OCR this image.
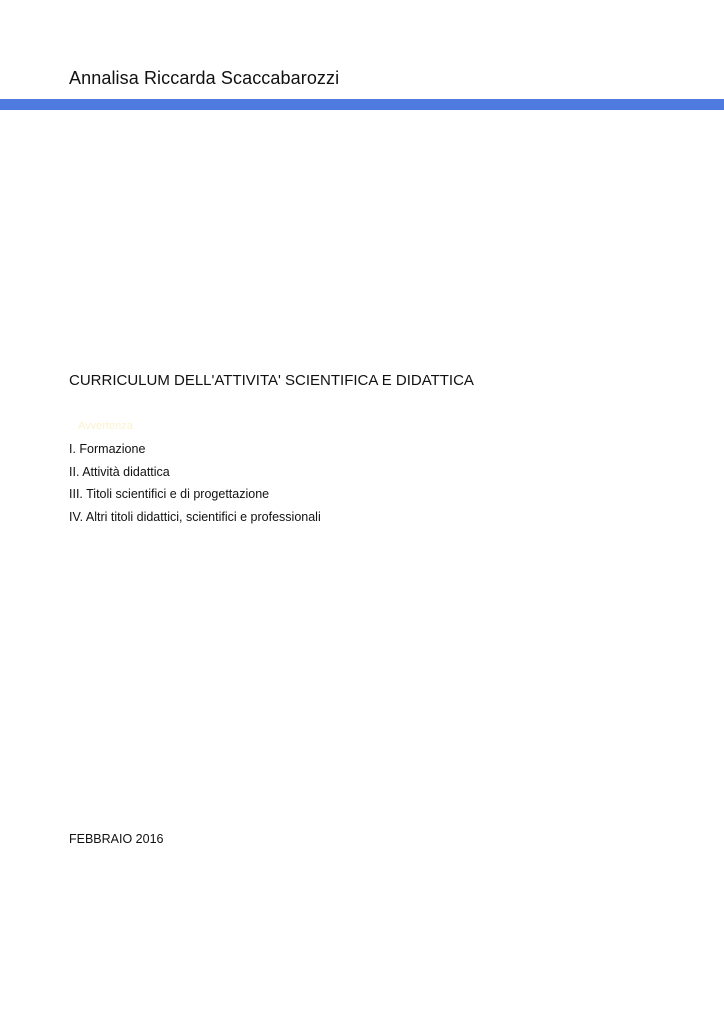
Annalisa Riccarda Scaccabarozzi
CURRICULUM DELL'ATTIVITA' SCIENTIFICA E DIDATTICA
Avvertenza
I. Formazione
II. Attività didattica
III. Titoli scientifici e di progettazione
IV. Altri titoli didattici, scientifici e professionali
FEBBRAIO 2016
